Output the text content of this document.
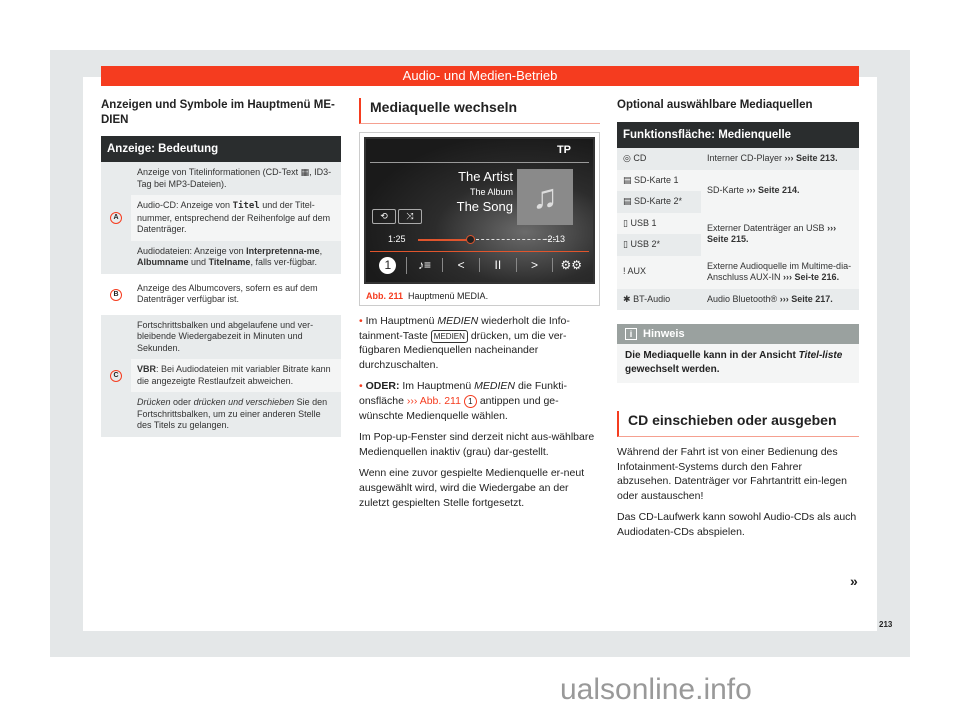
Audio- und Medien-Betrieb
Anzeigen und Symbole im Hauptmenü ME-DIEN
Anzeige: Bedeutung	
A	Anzeige von Titelinformationen (CD-Text ▦, ID3-Tag bei MP3-Dateien).
	Audio-CD: Anzeige von Titel und der Titel-nummer, entsprechend der Reihenfolge auf dem Datenträger.
	Audiodateien: Anzeige von Interpretenna-me, Albumname und Titelname, falls ver-fügbar.
B	Anzeige des Albumcovers, sofern es auf dem Datenträger verfügbar ist.
C	Fortschrittsbalken und abgelaufene und ver-bleibende Wiedergabezeit in Minuten und Sekunden.
	VBR: Bei Audiodateien mit variabler Bitrate kann die angezeigte Restlaufzeit abweichen.
	Drücken oder drücken und verschieben Sie den Fortschrittsbalken, um zu einer anderen Stelle des Titels zu gelangen.
Mediaquelle wechseln
TP
The Artist
The Album
The Song ♫
⟲	⤨
1:25	-2:13
1	♪≡	<	II	>	⚙⚙
Abb. 211 Hauptmenü MEDIA.

• Im Hauptmenü MEDIEN wiederholt die Info-tainment-Taste MEDIEN drücken, um die ver-fügbaren Medienquellen nacheinander durchzuschalten.

• ODER: Im Hauptmenü MEDIEN die Funkti-onsfläche ››› Abb. 211 1 antippen und ge-wünschte Medienquelle wählen.

Im Pop-up-Fenster sind derzeit nicht aus-wählbare Medienquellen inaktiv (grau) dar-gestellt.

Wenn eine zuvor gespielte Medienquelle er-neut ausgewählt wird, wird die Wiedergabe an der zuletzt gespielten Stelle fortgesetzt.

Optional auswählbare Mediaquellen
Funktionsfläche: Medienquelle	
◎ CD	Interner CD-Player ››› Seite 213.
▤ SD-Karte 1	SD-Karte ››› Seite 214.
▤ SD-Karte 2*	
▯ USB 1	Externer Datenträger an USB ››› Seite 215.
▯ USB 2*	
ǃ AUX	Externe Audioquelle im Multime-dia-Anschluss AUX-IN ››› Sei-te 216.
✱ BT-Audio	Audio Bluetooth® ››› Seite 217.
i Hinweis
Die Mediaquelle kann in der Ansicht Titel-liste gewechselt werden.
CD einschieben oder ausgeben

Während der Fahrt ist von einer Bedienung des Infotainment-Systems durch den Fahrer abzusehen. Datenträger vor Fahrtantritt ein-legen oder austauschen!

Das CD-Laufwerk kann sowohl Audio-CDs als auch Audiodaten-CDs abspielen.

»
213
ualsonline.info
